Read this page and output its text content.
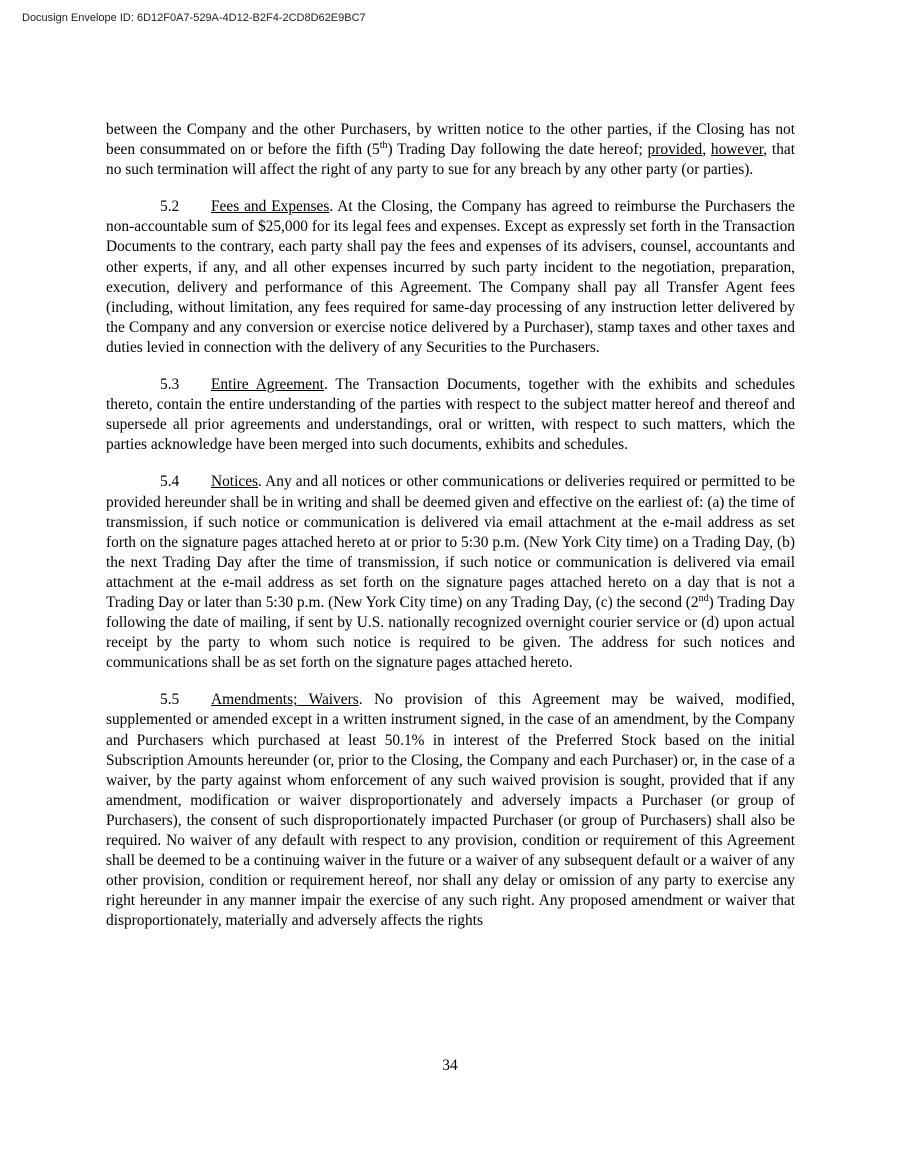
Docusign Envelope ID: 6D12F0A7-529A-4D12-B2F4-2CD8D62E9BC7

between the Company and the other Purchasers, by written notice to the other parties, if the Closing has not been consummated on or before the fifth (5th) Trading Day following the date hereof; provided, however, that no such termination will affect the right of any party to sue for any breach by any other party (or parties).

5.2 Fees and Expenses. At the Closing, the Company has agreed to reimburse the Purchasers the non-accountable sum of $25,000 for its legal fees and expenses. Except as expressly set forth in the Transaction Documents to the contrary, each party shall pay the fees and expenses of its advisers, counsel, accountants and other experts, if any, and all other expenses incurred by such party incident to the negotiation, preparation, execution, delivery and performance of this Agreement. The Company shall pay all Transfer Agent fees (including, without limitation, any fees required for same-day processing of any instruction letter delivered by the Company and any conversion or exercise notice delivered by a Purchaser), stamp taxes and other taxes and duties levied in connection with the delivery of any Securities to the Purchasers.

5.3 Entire Agreement. The Transaction Documents, together with the exhibits and schedules thereto, contain the entire understanding of the parties with respect to the subject matter hereof and thereof and supersede all prior agreements and understandings, oral or written, with respect to such matters, which the parties acknowledge have been merged into such documents, exhibits and schedules.

5.4 Notices. Any and all notices or other communications or deliveries required or permitted to be provided hereunder shall be in writing and shall be deemed given and effective on the earliest of: (a) the time of transmission, if such notice or communication is delivered via email attachment at the e-mail address as set forth on the signature pages attached hereto at or prior to 5:30 p.m. (New York City time) on a Trading Day, (b) the next Trading Day after the time of transmission, if such notice or communication is delivered via email attachment at the e-mail address as set forth on the signature pages attached hereto on a day that is not a Trading Day or later than 5:30 p.m. (New York City time) on any Trading Day, (c) the second (2nd) Trading Day following the date of mailing, if sent by U.S. nationally recognized overnight courier service or (d) upon actual receipt by the party to whom such notice is required to be given. The address for such notices and communications shall be as set forth on the signature pages attached hereto.

5.5 Amendments; Waivers. No provision of this Agreement may be waived, modified, supplemented or amended except in a written instrument signed, in the case of an amendment, by the Company and Purchasers which purchased at least 50.1% in interest of the Preferred Stock based on the initial Subscription Amounts hereunder (or, prior to the Closing, the Company and each Purchaser) or, in the case of a waiver, by the party against whom enforcement of any such waived provision is sought, provided that if any amendment, modification or waiver disproportionately and adversely impacts a Purchaser (or group of Purchasers), the consent of such disproportionately impacted Purchaser (or group of Purchasers) shall also be required. No waiver of any default with respect to any provision, condition or requirement of this Agreement shall be deemed to be a continuing waiver in the future or a waiver of any subsequent default or a waiver of any other provision, condition or requirement hereof, nor shall any delay or omission of any party to exercise any right hereunder in any manner impair the exercise of any such right. Any proposed amendment or waiver that disproportionately, materially and adversely affects the rights

34
